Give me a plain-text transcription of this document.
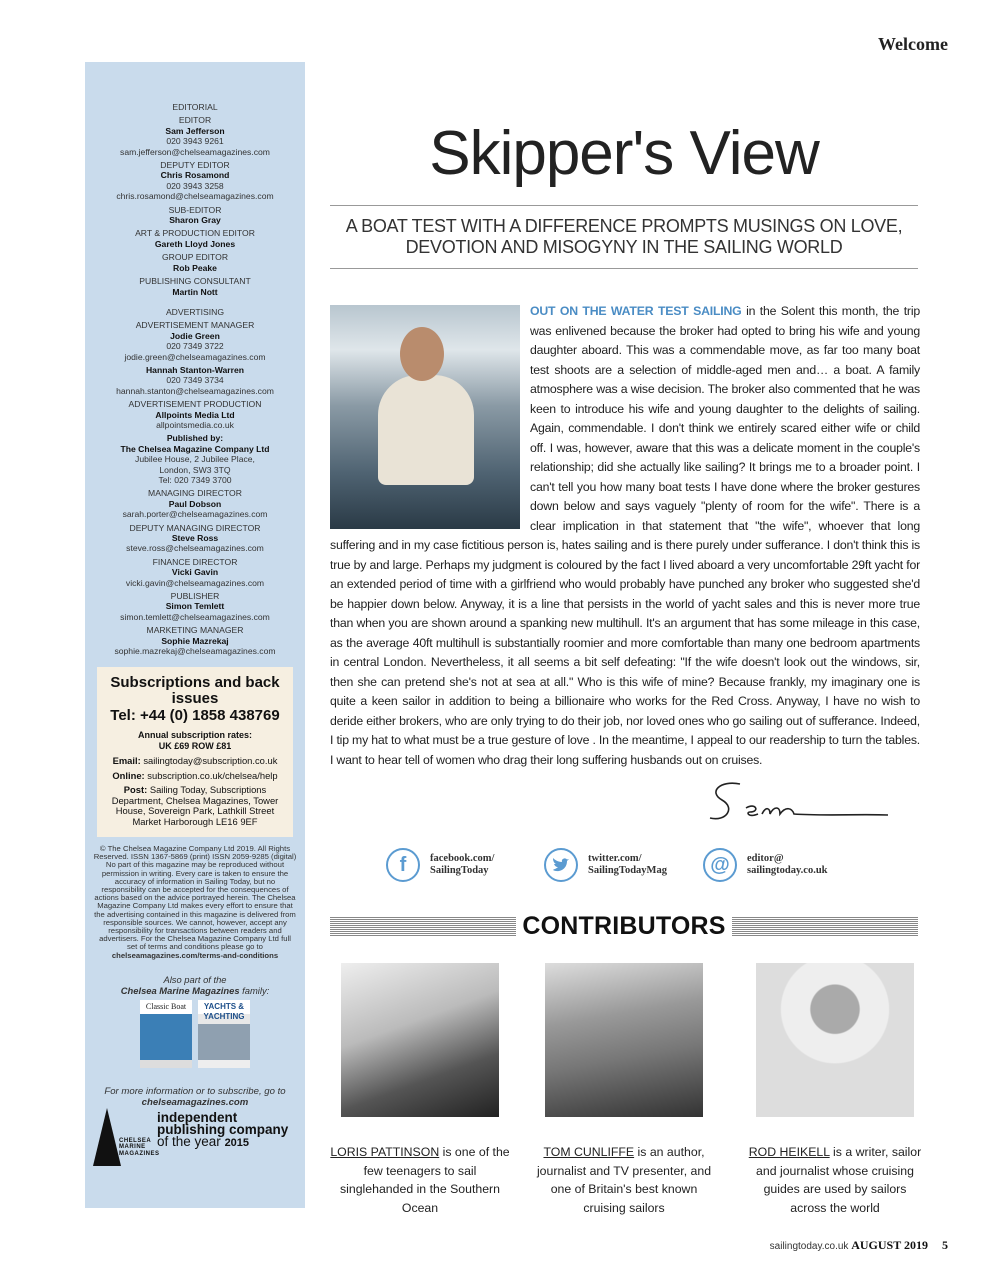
Welcome
EDITORIAL
EDITOR
Sam Jefferson
020 3943 9261
sam.jefferson@chelseamagazines.com
DEPUTY EDITOR
Chris Rosamond
020 3943 3258
chris.rosamond@chelseamagazines.com
SUB-EDITOR
Sharon Gray
ART & PRODUCTION EDITOR
Gareth Lloyd Jones
GROUP EDITOR
Rob Peake
PUBLISHING CONSULTANT
Martin Nott
ADVERTISING
ADVERTISEMENT MANAGER
Jodie Green
020 7349 3722
jodie.green@chelseamagazines.com
Hannah Stanton-Warren
020 7349 3734
hannah.stanton@chelseamagazines.com
ADVERTISEMENT PRODUCTION
Allpoints Media Ltd
allpointsmedia.co.uk
Published by:
The Chelsea Magazine Company Ltd
Jubilee House, 2 Jubilee Place,
London, SW3 3TQ
Tel: 020 7349 3700
MANAGING DIRECTOR
Paul Dobson
sarah.porter@chelseamagazines.com
DEPUTY MANAGING DIRECTOR
Steve Ross
steve.ross@chelseamagazines.com
FINANCE DIRECTOR
Vicki Gavin
vicki.gavin@chelseamagazines.com
PUBLISHER
Simon Temlett
simon.temlett@chelseamagazines.com
MARKETING MANAGER
Sophie Mazrekaj
sophie.mazrekaj@chelseamagazines.com
Subscriptions and back issues
Tel: +44 (0) 1858 438769
Annual subscription rates:
UK £69 ROW £81

Email: sailingtoday@subscription.co.uk

Online: subscription.co.uk/chelsea/help

Post: Sailing Today, Subscriptions Department, Chelsea Magazines, Tower House, Sovereign Park, Lathkill Street Market Harborough LE16 9EF

© The Chelsea Magazine Company Ltd 2019. All Rights Reserved. ISSN 1367-5869 (print) ISSN 2059-9285 (digital) No part of this magazine may be reproduced without permission in writing. Every care is taken to ensure the accuracy of information in Sailing Today, but no responsibility can be accepted for the consequences of actions based on the advice portrayed herein. The Chelsea Magazine Company Ltd makes every effort to ensure that the advertising contained in this magazine is delivered from responsible sources. We cannot, however, accept any responsibility for transactions between readers and advertisers. For the Chelsea Magazine Company Ltd full set of terms and conditions please go to
chelseamagazines.com/terms-and-conditions
Also part of the
Chelsea Marine Magazines family:
Classic Boat	YACHTS & YACHTING
For more information or to subscribe, go to
chelseamagazines.com
CHELSEA MARINE MAGAZINES
independent
publishing company
of the year 2015
Skipper's View
A BOAT TEST WITH A DIFFERENCE PROMPTS MUSINGS ON LOVE, DEVOTION AND MISOGYNY IN THE SAILING WORLD
OUT ON THE WATER TEST SAILING in the Solent this month, the trip was enlivened because the broker had opted to bring his wife and young daughter aboard. This was a commendable move, as far too many boat test shoots are a selection of middle-aged men and… a boat. A family atmosphere was a wise decision. The broker also commented that he was keen to introduce his wife and young daughter to the delights of sailing. Again, commendable. I don't think we entirely scared either wife or child off. I was, however, aware that this was a delicate moment in the couple's relationship; did she actually like sailing? It brings me to a broader point. I can't tell you how many boat tests I have done where the broker gestures down below and says vaguely "plenty of room for the wife". There is a clear implication in that statement that "the wife", whoever that long suffering and in my case fictitious person is, hates sailing and is there purely under sufferance. I don't think this is true by and large. Perhaps my judgment is coloured by the fact I lived aboard a very uncomfortable 29ft yacht for an extended period of time with a girlfriend who would probably have punched any broker who suggested she'd be happier down below. Anyway, it is a line that persists in the world of yacht sales and this is never more true than when you are shown around a spanking new multihull. It's an argument that has some mileage in this case, as the average 40ft multihull is substantially roomier and more comfortable than many one bedroom apartments in central London. Nevertheless, it all seems a bit self defeating: "If the wife doesn't look out the windows, sir, then she can pretend she's not at sea at all." Who is this wife of mine? Because frankly, my imaginary one is quite a keen sailor in addition to being a billionaire who works for the Red Cross. Anyway, I have no wish to deride either brokers, who are only trying to do their job, nor loved ones who go sailing out of sufferance. Indeed, I tip my hat to what must be a true gesture of love . In the meantime, I appeal to our readership to turn the tables. I want to hear tell of women who drag their long suffering husbands out on cruises.
f	facebook.com/
SailingToday
twitter.com/
SailingTodayMag	@	editor@
sailingtoday.co.uk
CONTRIBUTORS
LORIS PATTINSON is one of the few teenagers to sail singlehanded in the Southern Ocean
TOM CUNLIFFE is an author, journalist and TV presenter, and one of Britain's best known cruising sailors
ROD HEIKELL is a writer, sailor and journalist whose cruising guides are used by sailors across the world
sailingtoday.co.uk AUGUST 2019 5
